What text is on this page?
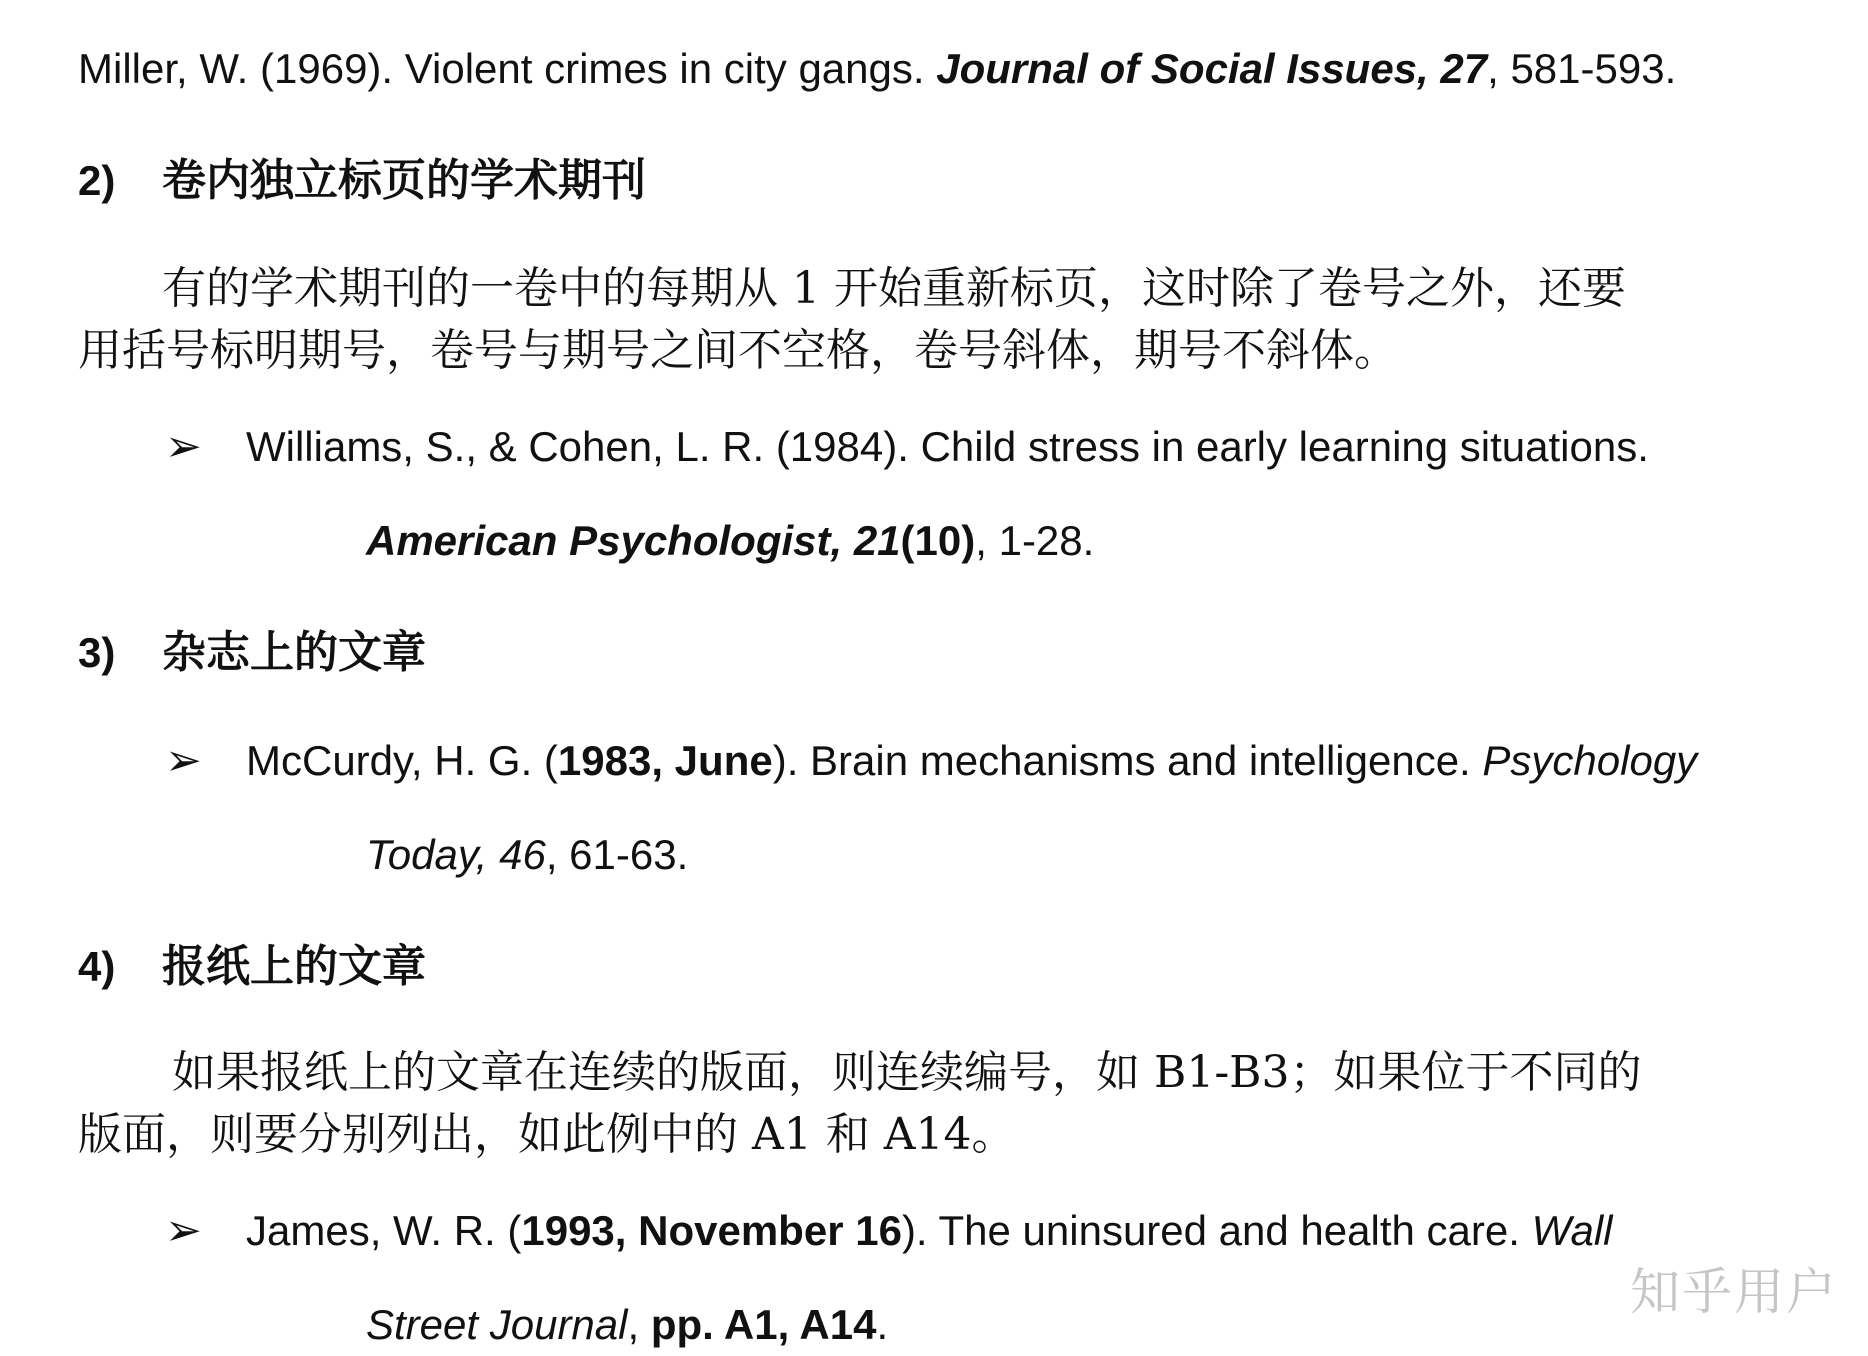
Miller, W. (1969). Violent crimes in city gangs. Journal of Social Issues, 27, 581-593.
2) 卷内独立标页的学术期刊
有的学术期刊的一卷中的每期从 1 开始重新标页，这时除了卷号之外，还要
用括号标明期号，卷号与期号之间不空格，卷号斜体，期号不斜体。
➢ Williams, S., & Cohen, L. R. (1984). Child stress in early learning situations.
American Psychologist, 21(10), 1-28.
3) 杂志上的文章
➢ McCurdy, H. G. (1983, June). Brain mechanisms and intelligence. Psychology
Today, 46, 61-63.
4) 报纸上的文章
如果报纸上的文章在连续的版面，则连续编号，如 B1-B3；如果位于不同的
版面，则要分别列出，如此例中的 A1 和 A14。
➢ James, W. R. (1993, November 16). The uninsured and health care. Wall
Street Journal, pp. A1, A14.
知乎用户
